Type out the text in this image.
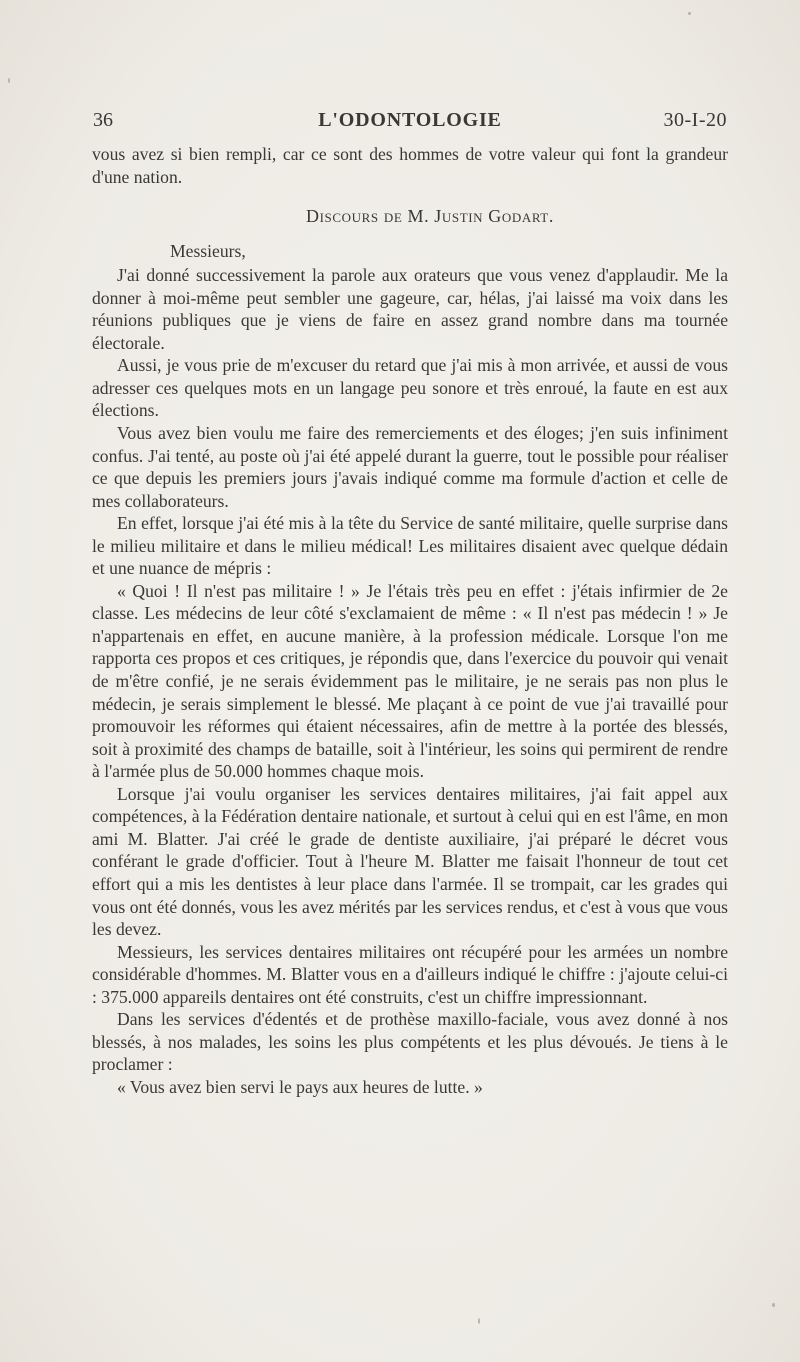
36	L'ODONTOLOGIE	30-I-20

vous avez si bien rempli, car ce sont des hommes de votre valeur qui font la grandeur d'une nation.

Discours de M. Justin Godart.

Messieurs,

J'ai donné successivement la parole aux orateurs que vous venez d'applaudir. Me la donner à moi-même peut sembler une gageure, car, hélas, j'ai laissé ma voix dans les réunions publiques que je viens de faire en assez grand nombre dans ma tournée électorale.

Aussi, je vous prie de m'excuser du retard que j'ai mis à mon arrivée, et aussi de vous adresser ces quelques mots en un langage peu sonore et très enroué, la faute en est aux élections.

Vous avez bien voulu me faire des remerciements et des éloges; j'en suis infiniment confus. J'ai tenté, au poste où j'ai été appelé durant la guerre, tout le possible pour réaliser ce que depuis les premiers jours j'avais indiqué comme ma formule d'action et celle de mes collaborateurs.

En effet, lorsque j'ai été mis à la tête du Service de santé militaire, quelle surprise dans le milieu militaire et dans le milieu médical! Les militaires disaient avec quelque dédain et une nuance de mépris :

« Quoi ! Il n'est pas militaire ! » Je l'étais très peu en effet : j'étais infirmier de 2e classe. Les médecins de leur côté s'exclamaient de même : « Il n'est pas médecin ! » Je n'appartenais en effet, en aucune manière, à la profession médicale. Lorsque l'on me rapporta ces propos et ces critiques, je répondis que, dans l'exercice du pouvoir qui venait de m'être confié, je ne serais évidemment pas le militaire, je ne serais pas non plus le médecin, je serais simplement le blessé. Me plaçant à ce point de vue j'ai travaillé pour promouvoir les réformes qui étaient nécessaires, afin de mettre à la portée des blessés, soit à proximité des champs de bataille, soit à l'intérieur, les soins qui permirent de rendre à l'armée plus de 50.000 hommes chaque mois.

Lorsque j'ai voulu organiser les services dentaires militaires, j'ai fait appel aux compétences, à la Fédération dentaire nationale, et surtout à celui qui en est l'âme, en mon ami M. Blatter. J'ai créé le grade de dentiste auxiliaire, j'ai préparé le décret vous conférant le grade d'officier. Tout à l'heure M. Blatter me faisait l'honneur de tout cet effort qui a mis les dentistes à leur place dans l'armée. Il se trompait, car les grades qui vous ont été donnés, vous les avez mérités par les services rendus, et c'est à vous que vous les devez.

Messieurs, les services dentaires militaires ont récupéré pour les armées un nombre considérable d'hommes. M. Blatter vous en a d'ailleurs indiqué le chiffre : j'ajoute celui-ci : 375.000 appareils dentaires ont été construits, c'est un chiffre impressionnant.

Dans les services d'édentés et de prothèse maxillo-faciale, vous avez donné à nos blessés, à nos malades, les soins les plus compétents et les plus dévoués. Je tiens à le proclamer :

« Vous avez bien servi le pays aux heures de lutte. »
